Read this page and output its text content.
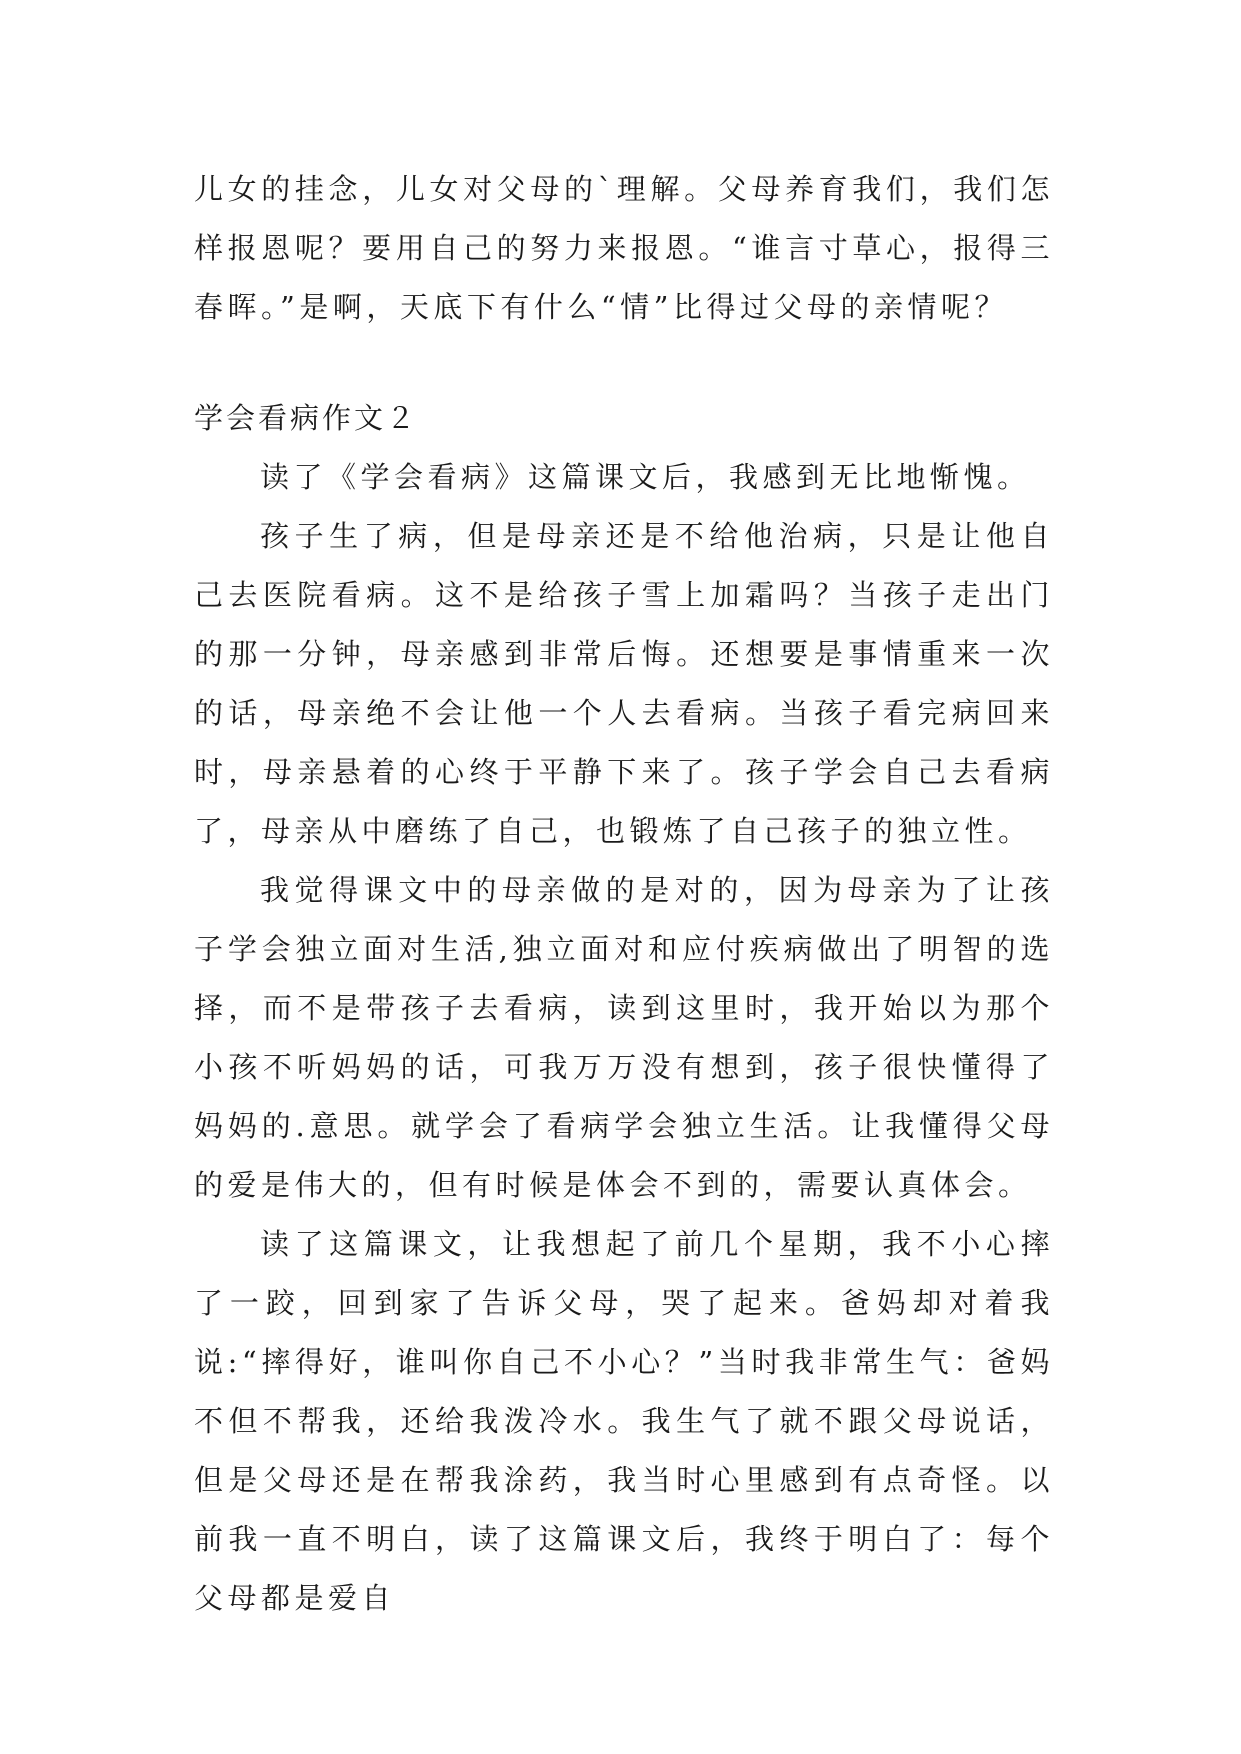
儿女的挂念，儿女对父母的`理解。父母养育我们，我们怎样报恩呢？要用自己的努力来报恩。“谁言寸草心，报得三春晖。”是啊，天底下有什么“情”比得过父母的亲情呢？

学会看病作文２

读了《学会看病》这篇课文后，我感到无比地惭愧。

孩子生了病，但是母亲还是不给他治病，只是让他自己去医院看病。这不是给孩子雪上加霜吗？当孩子走出门的那一分钟，母亲感到非常后悔。还想要是事情重来一次的话，母亲绝不会让他一个人去看病。当孩子看完病回来时，母亲悬着的心终于平静下来了。孩子学会自己去看病了，母亲从中磨练了自己，也锻炼了自己孩子的独立性。

我觉得课文中的母亲做的是对的，因为母亲为了让孩子学会独立面对生活,独立面对和应付疾病做出了明智的选择，而不是带孩子去看病，读到这里时，我开始以为那个小孩不听妈妈的话，可我万万没有想到，孩子很快懂得了妈妈的.意思。就学会了看病学会独立生活。让我懂得父母的爱是伟大的，但有时候是体会不到的，需要认真体会。

读了这篇课文，让我想起了前几个星期，我不小心摔了一跤，回到家了告诉父母，哭了起来。爸妈却对着我说:“摔得好，谁叫你自己不小心？”当时我非常生气：爸妈不但不帮我，还给我泼冷水。我生气了就不跟父母说话，但是父母还是在帮我涂药，我当时心里感到有点奇怪。以前我一直不明白，读了这篇课文后，我终于明白了：每个父母都是爱自
